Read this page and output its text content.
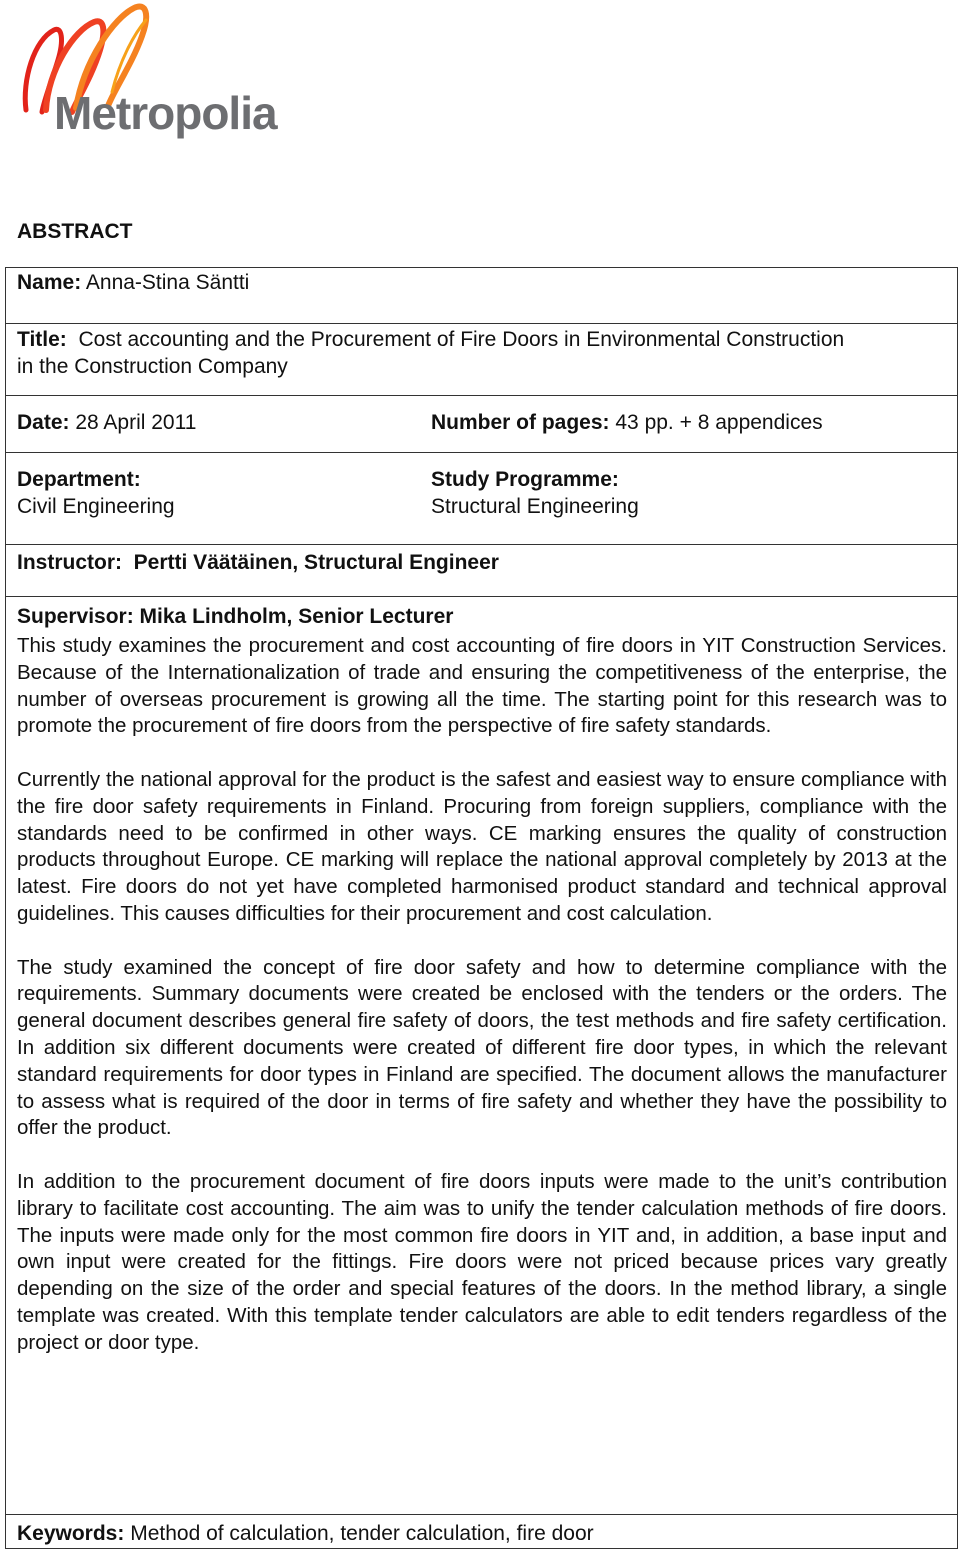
Metropolia
ABSTRACT
Name: Anna-Stina Säntti
Title: Cost accounting and the Procurement of Fire Doors in Environmental Construction
in the Construction Company
Date: 28 April 2011	Number of pages: 43 pp. + 8 appendices
Department:
Civil Engineering
Study Programme:
Structural Engineering
Instructor: Pertti Väätäinen, Structural Engineer
Supervisor: Mika Lindholm, Senior Lecturer

This study examines the procurement and cost accounting of fire doors in YIT Construction Services. Because of the Internationalization of trade and ensuring the competitiveness of the enterprise, the number of overseas procurement is growing all the time. The starting point for this research was to promote the procurement of fire doors from the perspective of fire safety standards.

Currently the national approval for the product is the safest and easiest way to ensure compliance with the fire door safety requirements in Finland. Procuring from foreign suppliers, compliance with the standards need to be confirmed in other ways. CE marking ensures the quality of construction products throughout Europe. CE marking will replace the national approval completely by 2013 at the latest. Fire doors do not yet have completed harmonised product standard and technical approval guidelines. This causes difficulties for their procurement and cost calculation.

The study examined the concept of fire door safety and how to determine compliance with the requirements. Summary documents were created be enclosed with the tenders or the orders. The general document describes general fire safety of doors, the test methods and fire safety certification. In addition six different documents were created of different fire door types, in which the relevant standard requirements for door types in Finland are specified. The document allows the manufacturer to assess what is required of the door in terms of fire safety and whether they have the possibility to offer the product.

In addition to the procurement document of fire doors inputs were made to the unit’s contribution library to facilitate cost accounting. The aim was to unify the tender calculation methods of fire doors. The inputs were made only for the most common fire doors in YIT and, in addition, a base input and own input were created for the fittings. Fire doors were not priced because prices vary greatly depending on the size of the order and special features of the doors. In the method library, a single template was created. With this template tender calculators are able to edit tenders regardless of the project or door type.

Keywords: Method of calculation, tender calculation, fire door
